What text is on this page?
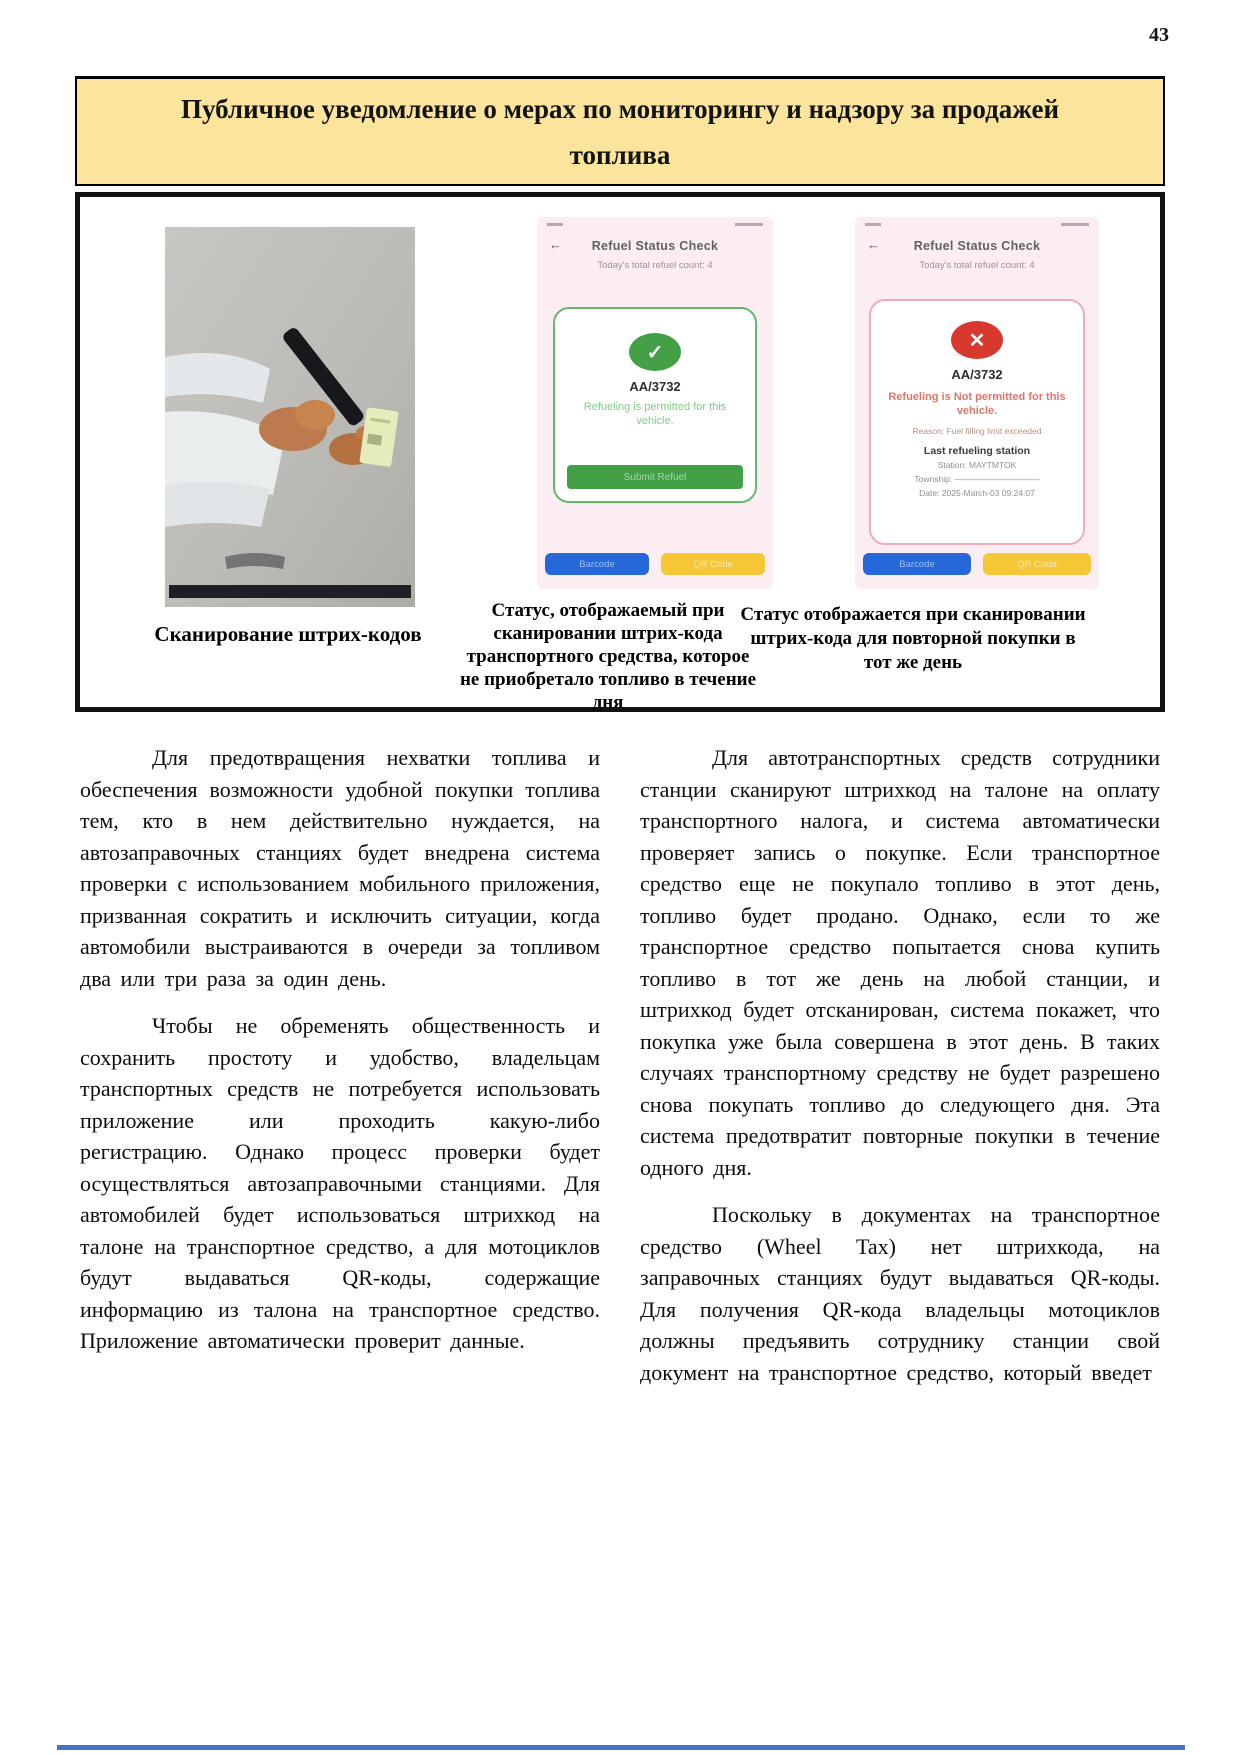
43
Публичное уведомление о мерах по мониторингу и надзору за продажей топлива
Сканирование штрих-кодов
← Refuel Status Check
Today's total refuel count: 4
✓
AA/3732
Refueling is permitted for this vehicle.
Submit Refuel
Barcode	QR Code
Статус, отображаемый при сканировании штрих-кода транспортного средства, которое не приобретало топливо в течение дня
←	Refuel Status Check
Today's total refuel count: 4
✕
AA/3732
Refueling is Not permitted for this vehicle.
Reason: Fuel filling limit exceeded
Last refueling station
Station: MAYTMTOK
Township: ——————————
Date: 2025-March-03 09:24:07
Barcode	QR Code
Статус отображается при сканировании штрих-кода для повторной покупки в тот же день

Для предотвращения нехватки топлива и обеспечения возможности удобной покупки топлива тем, кто в нем действительно нуждается, на автозаправочных станциях будет внедрена система проверки с использованием мобильного приложения, призванная сократить и исключить ситуации, когда автомобили выстраиваются в очереди за топливом два или три раза за один день.

Чтобы не обременять общественность и сохранить простоту и удобство, владельцам транспортных средств не потребуется использовать приложение или проходить какую-либо регистрацию. Однако процесс проверки будет осуществляться автозаправочными станциями. Для автомобилей будет использоваться штрихкод на талоне на транспортное средство, а для мотоциклов будут выдаваться QR-коды, содержащие информацию из талона на транспортное средство. Приложение автоматически проверит данные.

Для автотранспортных средств сотрудники станции сканируют штрихкод на талоне на оплату транспортного налога, и система автоматически проверяет запись о покупке. Если транспортное средство еще не покупало топливо в этот день, топливо будет продано. Однако, если то же транспортное средство попытается снова купить топливо в тот же день на любой станции, и штрихкод будет отсканирован, система покажет, что покупка уже была совершена в этот день. В таких случаях транспортному средству не будет разрешено снова покупать топливо до следующего дня. Эта система предотвратит повторные покупки в течение одного дня.

Поскольку в документах на транспортное средство (Wheel Tax) нет штрихкода, на заправочных станциях будут выдаваться QR-коды. Для получения QR-кода владельцы мотоциклов должны предъявить сотруднику станции свой документ на транспортное средство, который введет
